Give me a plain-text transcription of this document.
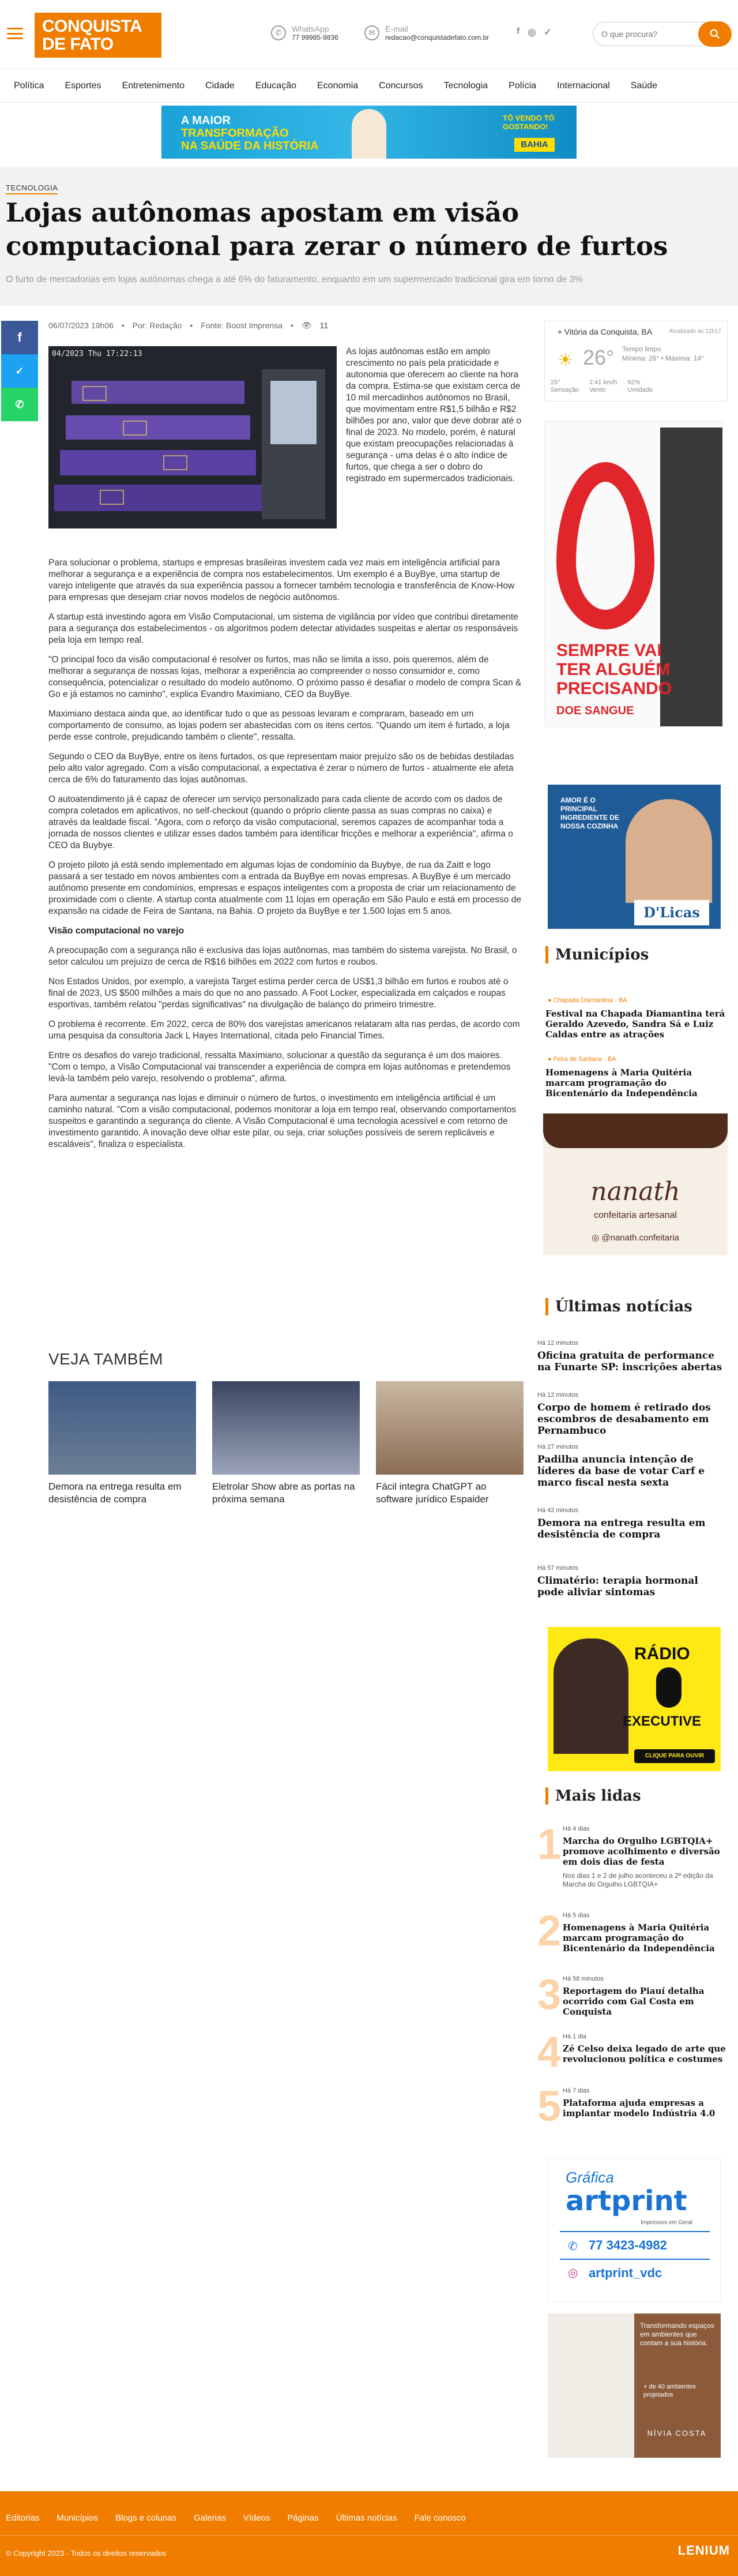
CONQUISTA
DE FATO
✆	WhatsApp
77 99985-9836
✉	E-mail
redacao@conquistadefato.com.br
f ◎ ✓
O que procura?
Política Esportes Entretenimento Cidade Educação Economia Concursos Tecnologia Polícia Internacional Saúde
A MAIOR
TRANSFORMAÇÃO
NA SAÚDE DA HISTÓRIA
TÔ VENDO TÔ GOSTANDO!
BAHIA
TECNOLOGIA
Lojas autônomas apostam em visão computacional para zerar o número de furtos
O furto de mercadorias em lojas autônomas chega a até 6% do faturamento, enquanto em um supermercado tradicional gira em torno de 3%
f
✓
✆
06/07/2023 19h06 • Por: Redação • Fonte: Boost Imprensa • 👁 11
04/2023 Thu 17:22:13	As lojas autônomas estão em amplo crescimento no país pela praticidade e autonomia que oferecem ao cliente na hora da compra. Estima-se que existam cerca de 10 mil mercadinhos autônomos no Brasil, que movimentam entre R$1,5 bilhão e R$2 bilhões por ano, valor que deve dobrar até o final de 2023. No modelo, porém, é natural que existam preocupações relacionadas à segurança - uma delas é o alto índice de furtos, que chega a ser o dobro do registrado em supermercados tradicionais.

Para solucionar o problema, startups e empresas brasileiras investem cada vez mais em inteligência artificial para melhorar a segurança e a experiência de compra nos estabelecimentos. Um exemplo é a BuyBye, uma startup de varejo inteligente que através da sua experiência passou a fornecer também tecnologia e transferência de Know-How para empresas que desejam criar novos modelos de negócio autônomos.

A startup está investindo agora em Visão Computacional, um sistema de vigilância por vídeo que contribui diretamente para a segurança dos estabelecimentos - os algoritmos podem detectar atividades suspeitas e alertar os responsáveis pela loja em tempo real.

"O principal foco da visão computacional é resolver os furtos, mas não se limita a isso, pois queremos, além de melhorar a segurança de nossas lojas, melhorar a experiência ao compreender o nosso consumidor e, como consequência, potencializar o resultado do modelo autônomo. O próximo passo é desafiar o modelo de compra Scan & Go e já estamos no caminho", explica Evandro Maximiano, CEO da BuyBye.

Maximiano destaca ainda que, ao identificar tudo o que as pessoas levaram e compraram, baseado em um comportamento de consumo, as lojas podem ser abastecidas com os itens certos. "Quando um item é furtado, a loja perde esse controle, prejudicando também o cliente", ressalta.

Segundo o CEO da BuyBye, entre os itens furtados, os que representam maior prejuízo são os de bebidas destiladas pelo alto valor agregado. Com a visão computacional, a expectativa é zerar o número de furtos - atualmente ele afeta cerca de 6% do faturamento das lojas autônomas.

O autoatendimento já é capaz de oferecer um serviço personalizado para cada cliente de acordo com os dados de compra coletados em aplicativos, no self-checkout (quando o próprio cliente passa as suas compras no caixa) e através da lealdade fiscal. "Agora, com o reforço da visão computacional, seremos capazes de acompanhar toda a jornada de nossos clientes e utilizar esses dados também para identificar fricções e melhorar a experiência", afirma o CEO da Buybye.

O projeto piloto já está sendo implementado em algumas lojas de condomínio da Buybye, de rua da Zaitt e logo passará a ser testado em novos ambientes com a entrada da BuyBye em novas empresas. A BuyBye é um mercado autônomo presente em condomínios, empresas e espaços inteligentes com a proposta de criar um relacionamento de proximidade com o cliente. A startup conta atualmente com 11 lojas em operação em São Paulo e está em processo de expansão na cidade de Feira de Santana, na Bahia. O projeto da BuyBye e ter 1.500 lojas em 5 anos.

Visão computacional no varejo

A preocupação com a segurança não é exclusiva das lojas autônomas, mas também do sistema varejista. No Brasil, o setor calculou um prejuízo de cerca de R$16 bilhões em 2022 com furtos e roubos.

Nos Estados Unidos, por exemplo, a varejista Target estima perder cerca de US$1,3 bilhão em furtos e roubos até o final de 2023, US $500 milhões a mais do que no ano passado. A Foot Locker, especializada em calçados e roupas esportivas, também relatou "perdas significativas" na divulgação de balanço do primeiro trimestre.

O problema é recorrente. Em 2022, cerca de 80% dos varejistas americanos relataram alta nas perdas, de acordo com uma pesquisa da consultoria Jack L Hayes International, citada pelo Financial Times.

Entre os desafios do varejo tradicional, ressalta Maximiano, solucionar a questão da segurança é um dos maiores. "Com o tempo, a Visão Computacional vai transcender a experiência de compra em lojas autônomas e pretendemos levá-la também pelo varejo, resolvendo o problema", afirma.

Para aumentar a segurança nas lojas e diminuir o número de furtos, o investimento em inteligência artificial é um caminho natural. "Com a visão computacional, podemos monitorar a loja em tempo real, observando comportamentos suspeitos e garantindo a segurança do cliente. A Visão Computacional é uma tecnologia acessível e com retorno de investimento garantido. A inovação deve olhar este pilar, ou seja, criar soluções possíveis de serem replicáveis e escaláveis", finaliza o especialista.

VEJA TAMBÉM
Demora na entrega resulta em desistência de compra
Eletrolar Show abre as portas na próxima semana
Fácil integra ChatGPT ao software jurídico Espaider
⌖ Vitória da Conquista, BA	Atualizado às 12h17
☀ 26° Tempo limpo
Mínima: 26° • Máxima: 14°
25°
Sensação
2.41 km/h
Vento
92%
Umidade
SEMPRE VAI
TER ALGUÉM
PRECISANDO
DOE SANGUE
AMOR É O PRINCIPAL INGREDIENTE DE NOSSA COZINHA
D'Licas
Municípios
● Chapada Diamantina - BA
Festival na Chapada Diamantina terá Geraldo Azevedo, Sandra Sá e Luiz Caldas entre as atrações
● Feira de Santana - BA
Homenagens à Maria Quitéria marcam programação do Bicentenário da Independência
nanath
confeitaria artesanal
◎ @nanath.confeitaria
Últimas notícias
Há 12 minutos
Oficina gratuita de performance na Funarte SP: inscrições abertas
Há 12 minutos
Corpo de homem é retirado dos escombros de desabamento em Pernambuco
Há 27 minutos
Padilha anuncia intenção de líderes da base de votar Carf e marco fiscal nesta sexta
Há 42 minutos
Demora na entrega resulta em desistência de compra
Há 57 minutos
Climatério: terapia hormonal pode aliviar sintomas
RÁDIO
EXECUTIVE
CLIQUE PARA OUVIR
Mais lidas
1 Há 4 dias
Marcha do Orgulho LGBTQIA+ promove acolhimento e diversão em dois dias de festa
Nos dias 1 e 2 de julho aconteceu a 2ª edição da Marcha do Orgulho LGBTQIA+
2 Há 5 dias
Homenagens à Maria Quitéria marcam programação do Bicentenário da Independência
3 Há 58 minutos
Reportagem do Piauí detalha ocorrido com Gal Costa em Conquista
4 Há 1 dia
Zé Celso deixa legado de arte que revolucionou política e costumes
5 Há 7 dias
Plataforma ajuda empresas a implantar modelo Indústria 4.0
Gráfica
artprint
Impressos em Geral
✆ 77 3423-4982
◎ artprint_vdc
Transformando espaços em ambientes que contam a sua história.
+ de 40 ambientes projetados
NÍVIA COSTA
Editorias Municípios Blogs e colunas Galerias Vídeos Páginas Últimas notícias Fale conosco
© Copyright 2023 - Todos os direitos reservados	LENIUM
